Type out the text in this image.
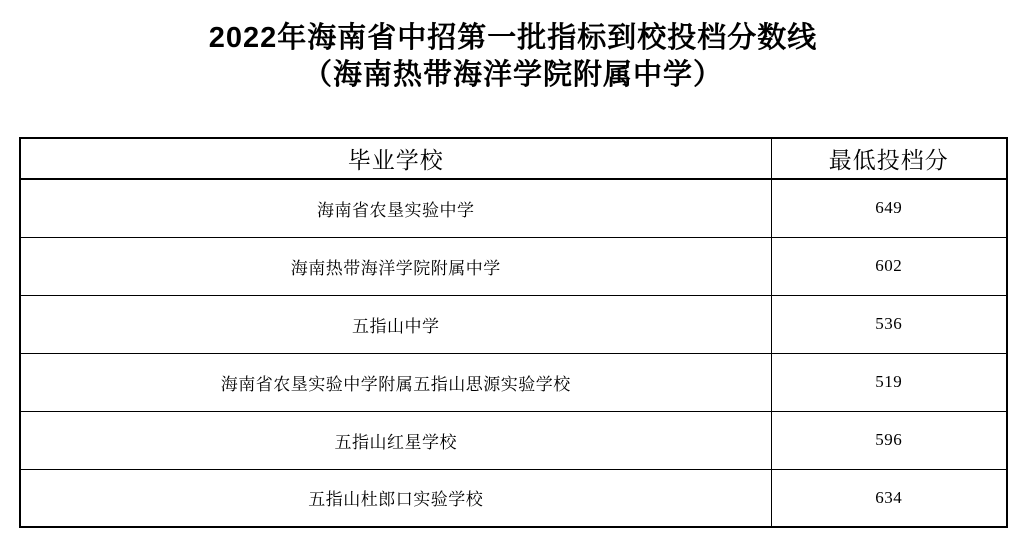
2022年海南省中招第一批指标到校投档分数线
（海南热带海洋学院附属中学）
毕业学校	最低投档分
海南省农垦实验中学	649
海南热带海洋学院附属中学	602
五指山中学	536
海南省农垦实验中学附属五指山思源实验学校	519
五指山红星学校	596
五指山杜郎口实验学校	634
